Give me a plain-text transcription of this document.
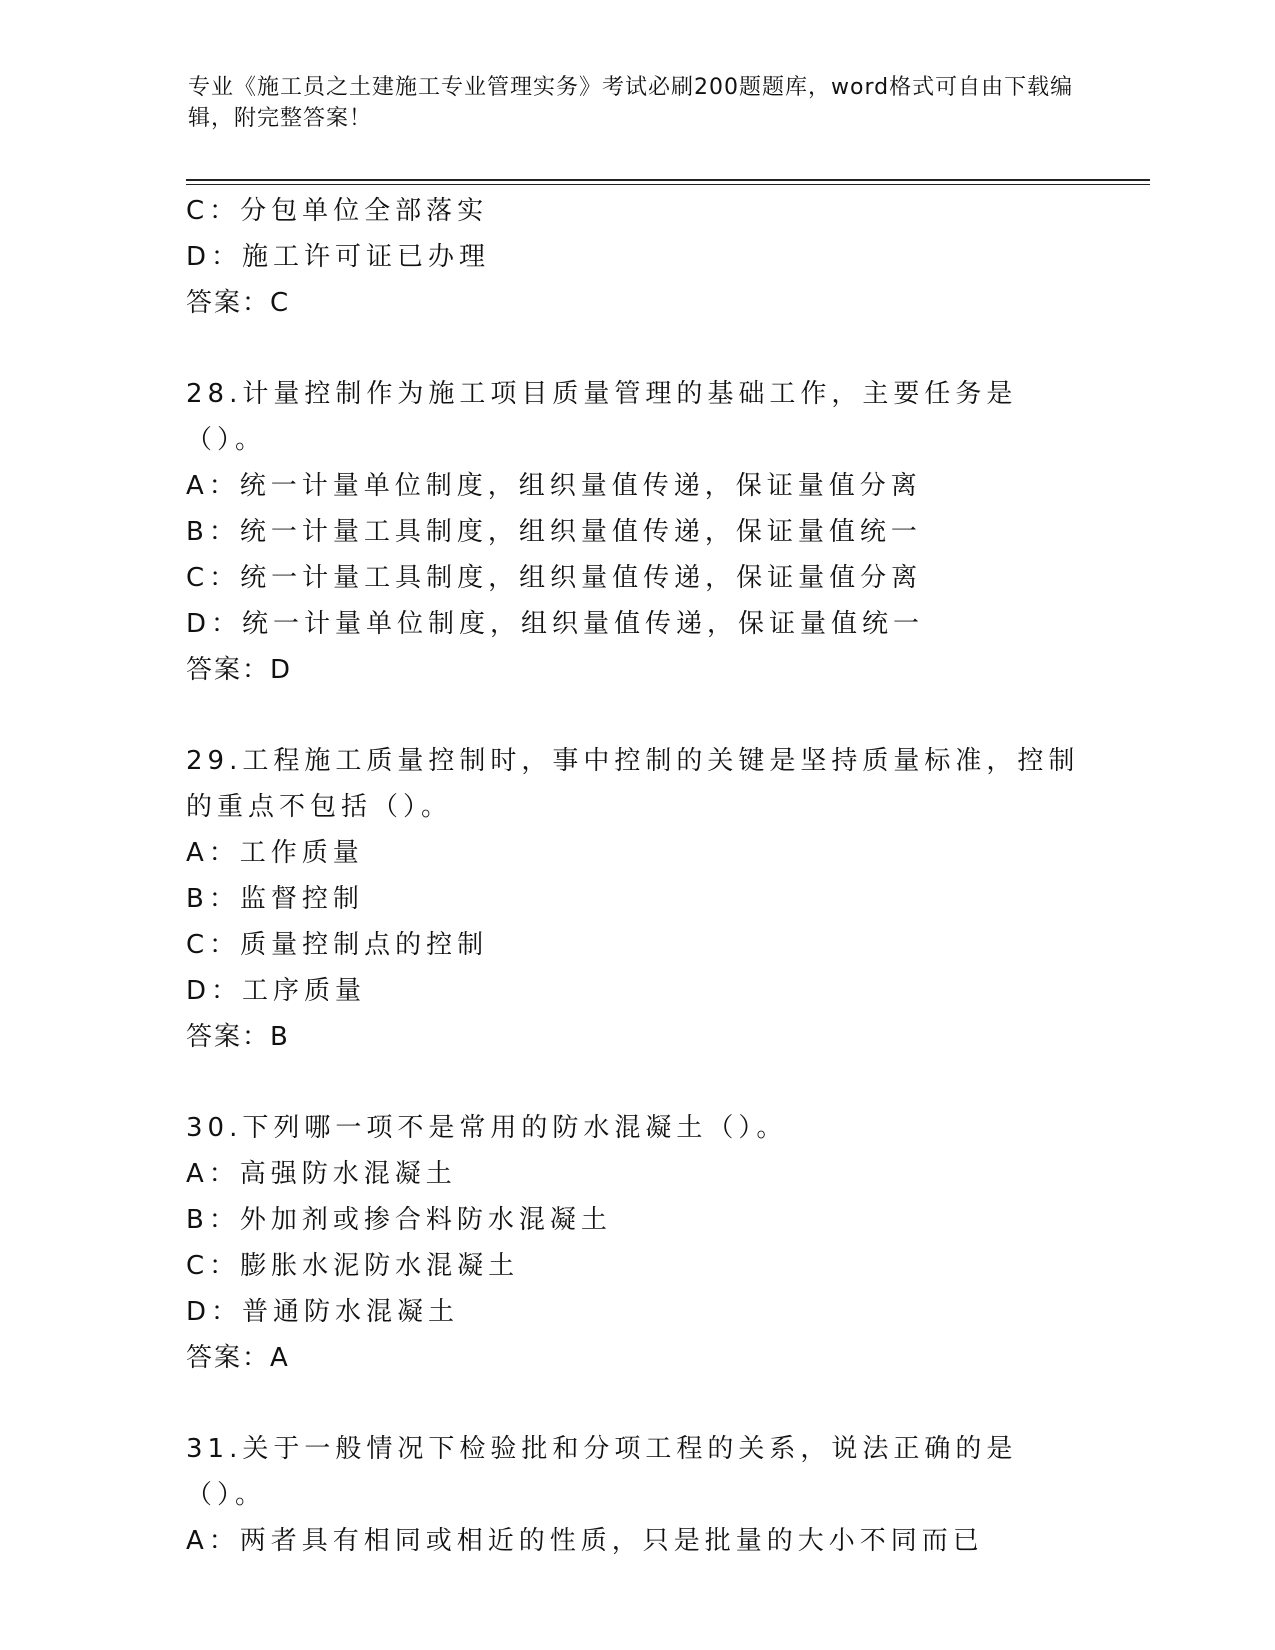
专业《施工员之土建施工专业管理实务》考试必刷200题题库，word格式可自由下载编辑，附完整答案！
C：分包单位全部落实
D：施工许可证已办理
答案：C
28.计量控制作为施工项目质量管理的基础工作，主要任务是（）。
A：统一计量单位制度，组织量值传递，保证量值分离
B：统一计量工具制度，组织量值传递，保证量值统一
C：统一计量工具制度，组织量值传递，保证量值分离
D：统一计量单位制度，组织量值传递，保证量值统一
答案：D
29.工程施工质量控制时，事中控制的关键是坚持质量标准，控制的重点不包括（）。
A：工作质量
B：监督控制
C：质量控制点的控制
D：工序质量
答案：B
30.下列哪一项不是常用的防水混凝土（）。
A：高强防水混凝土
B：外加剂或掺合料防水混凝土
C：膨胀水泥防水混凝土
D：普通防水混凝土
答案：A
31.关于一般情况下检验批和分项工程的关系，说法正确的是（）。
A：两者具有相同或相近的性质，只是批量的大小不同而已
